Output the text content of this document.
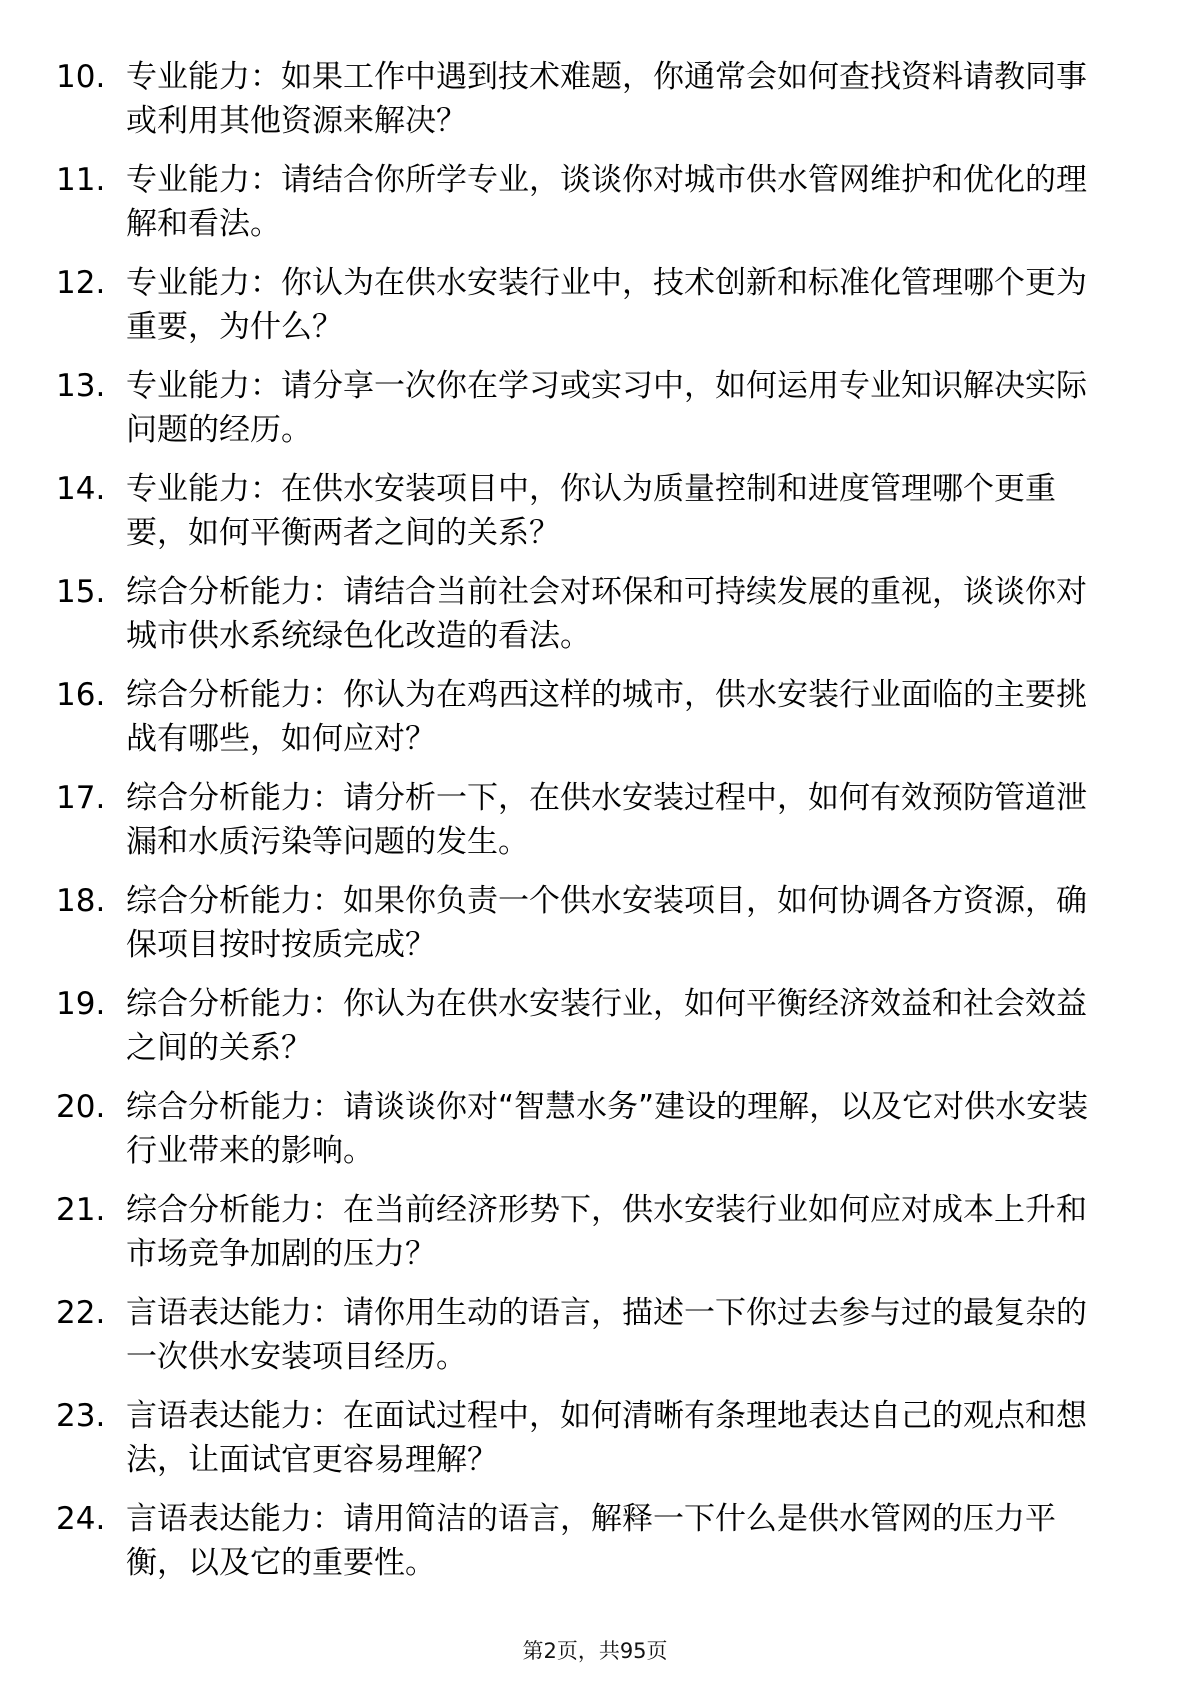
10. 专业能力：如果工作中遇到技术难题，你通常会如何查找资料请教同事或利用其他资源来解决？

11. 专业能力：请结合你所学专业，谈谈你对城市供水管网维护和优化的理解和看法。

12. 专业能力：你认为在供水安装行业中，技术创新和标准化管理哪个更为重要，为什么？

13. 专业能力：请分享一次你在学习或实习中，如何运用专业知识解决实际问题的经历。

14. 专业能力：在供水安装项目中，你认为质量控制和进度管理哪个更重要，如何平衡两者之间的关系？

15. 综合分析能力：请结合当前社会对环保和可持续发展的重视，谈谈你对城市供水系统绿色化改造的看法。

16. 综合分析能力：你认为在鸡西这样的城市，供水安装行业面临的主要挑战有哪些，如何应对？

17. 综合分析能力：请分析一下，在供水安装过程中，如何有效预防管道泄漏和水质污染等问题的发生。

18. 综合分析能力：如果你负责一个供水安装项目，如何协调各方资源，确保项目按时按质完成？

19. 综合分析能力：你认为在供水安装行业，如何平衡经济效益和社会效益之间的关系？

20. 综合分析能力：请谈谈你对“智慧水务”建设的理解，以及它对供水安装行业带来的影响。

21. 综合分析能力：在当前经济形势下，供水安装行业如何应对成本上升和市场竞争加剧的压力？

22. 言语表达能力：请你用生动的语言，描述一下你过去参与过的最复杂的一次供水安装项目经历。

23. 言语表达能力：在面试过程中，如何清晰有条理地表达自己的观点和想法，让面试官更容易理解？

24. 言语表达能力：请用简洁的语言，解释一下什么是供水管网的压力平衡，以及它的重要性。

第2页，共95页
